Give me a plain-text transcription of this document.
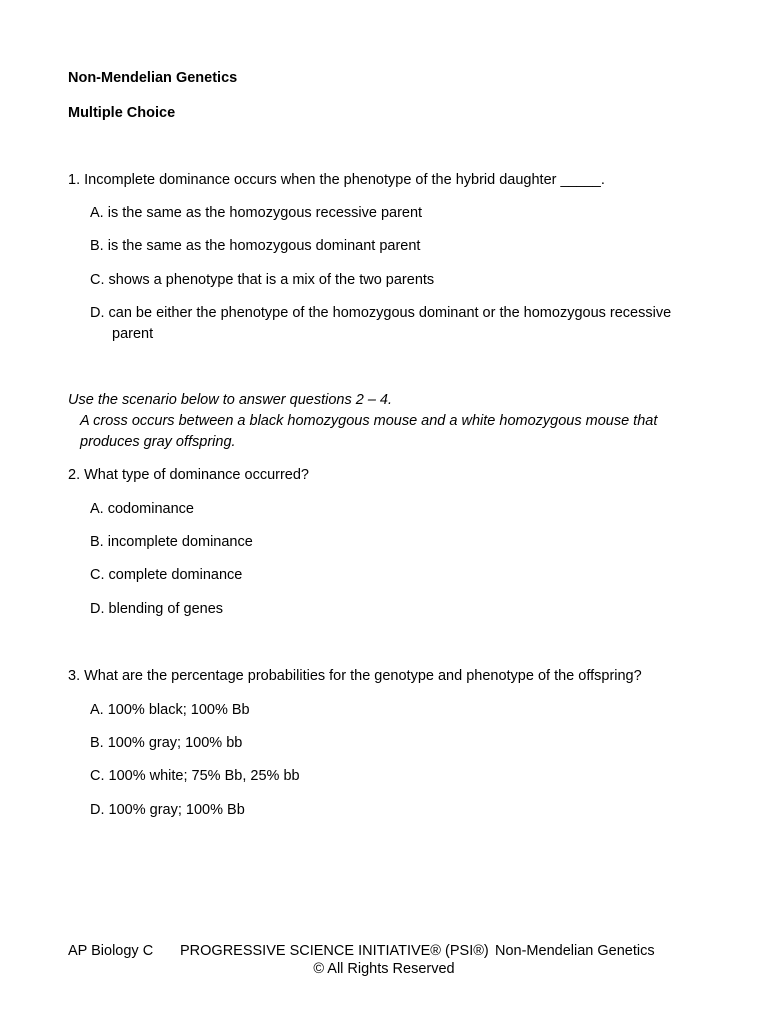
Non-Mendelian Genetics
Multiple Choice
1. Incomplete dominance occurs when the phenotype of the hybrid daughter _____.
A. is the same as the homozygous recessive parent
B. is the same as the homozygous dominant parent
C. shows a phenotype that is a mix of the two parents
D. can be either the phenotype of the homozygous dominant or the homozygous recessive
parent
Use the scenario below to answer questions 2 – 4.
A cross occurs between a black homozygous mouse and a white homozygous mouse that
produces gray offspring.
2. What type of dominance occurred?
A. codominance
B. incomplete dominance
C. complete dominance
D. blending of genes
3. What are the percentage probabilities for the genotype and phenotype of the offspring?
A. 100% black; 100% Bb
B. 100% gray; 100% bb
C. 100% white; 75% Bb, 25% bb
D. 100% gray; 100% Bb
AP Biology C PROGRESSIVE SCIENCE INITIATIVE® (PSI®) Non-Mendelian Genetics
© All Rights Reserved
